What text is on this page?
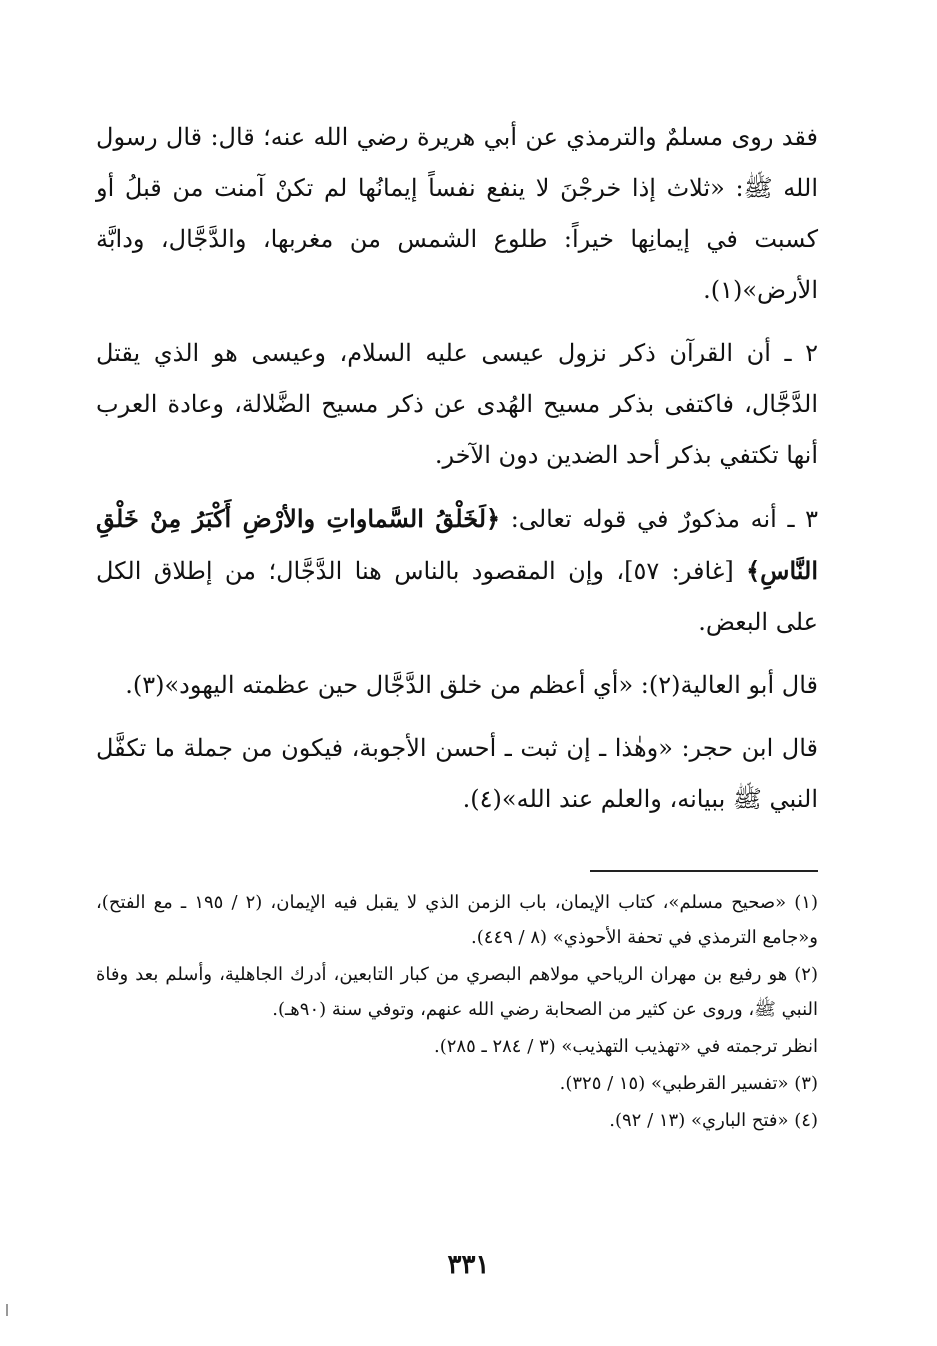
فقد روى مسلمٌ والترمذي عن أبي هريرة رضي الله عنه؛ قال: قال رسول الله ﷺ: «ثلاث إذا خرجْنَ لا ينفع نفساً إيمانُها لم تكنْ آمنت من قبلُ أو كسبت في إيمانِها خيراً: طلوع الشمس من مغربها، والدَّجَّال، ودابَّة الأرض»(١).

٢ ـ أن القرآن ذكر نزول عيسى عليه السلام، وعيسى هو الذي يقتل الدَّجَّال، فاكتفى بذكر مسيح الهُدى عن ذكر مسيح الضَّلالة، وعادة العرب أنها تكتفي بذكر أحد الضدين دون الآخر.

٣ ـ أنه مذكورٌ في قوله تعالى: ﴿لَخَلْقُ السَّماواتِ والأرْضِ أَكْبَرُ مِنْ خَلْقِ النَّاسِ﴾ [غافر: ٥٧]، وإن المقصود بالناس هنا الدَّجَّال؛ من إطلاق الكل على البعض.

قال أبو العالية(٢): «أي أعظم من خلق الدَّجَّال حين عظمته اليهود»(٣).

قال ابن حجر: «وهٰذا ـ إن ثبت ـ أحسن الأجوبة، فيكون من جملة ما تكفَّل النبي ﷺ ببيانه، والعلم عند الله»(٤).

(١) «صحيح مسلم»، كتاب الإيمان، باب الزمن الذي لا يقبل فيه الإيمان، (٢ / ١٩٥ ـ مع الفتح)، و«جامع الترمذي في تحفة الأحوذي» (٨ / ٤٤٩).

(٢) هو رفيع بن مهران الرياحي مولاهم البصري من كبار التابعين، أدرك الجاهلية، وأسلم بعد وفاة النبي ﷺ، وروى عن كثير من الصحابة رضي الله عنهم، وتوفي سنة (٩٠هـ).

انظر ترجمته في «تهذيب التهذيب» (٣ / ٢٨٤ ـ ٢٨٥).

(٣) «تفسير القرطبي» (١٥ / ٣٢٥).

(٤) «فتح الباري» (١٣ / ٩٢).

٣٣١
